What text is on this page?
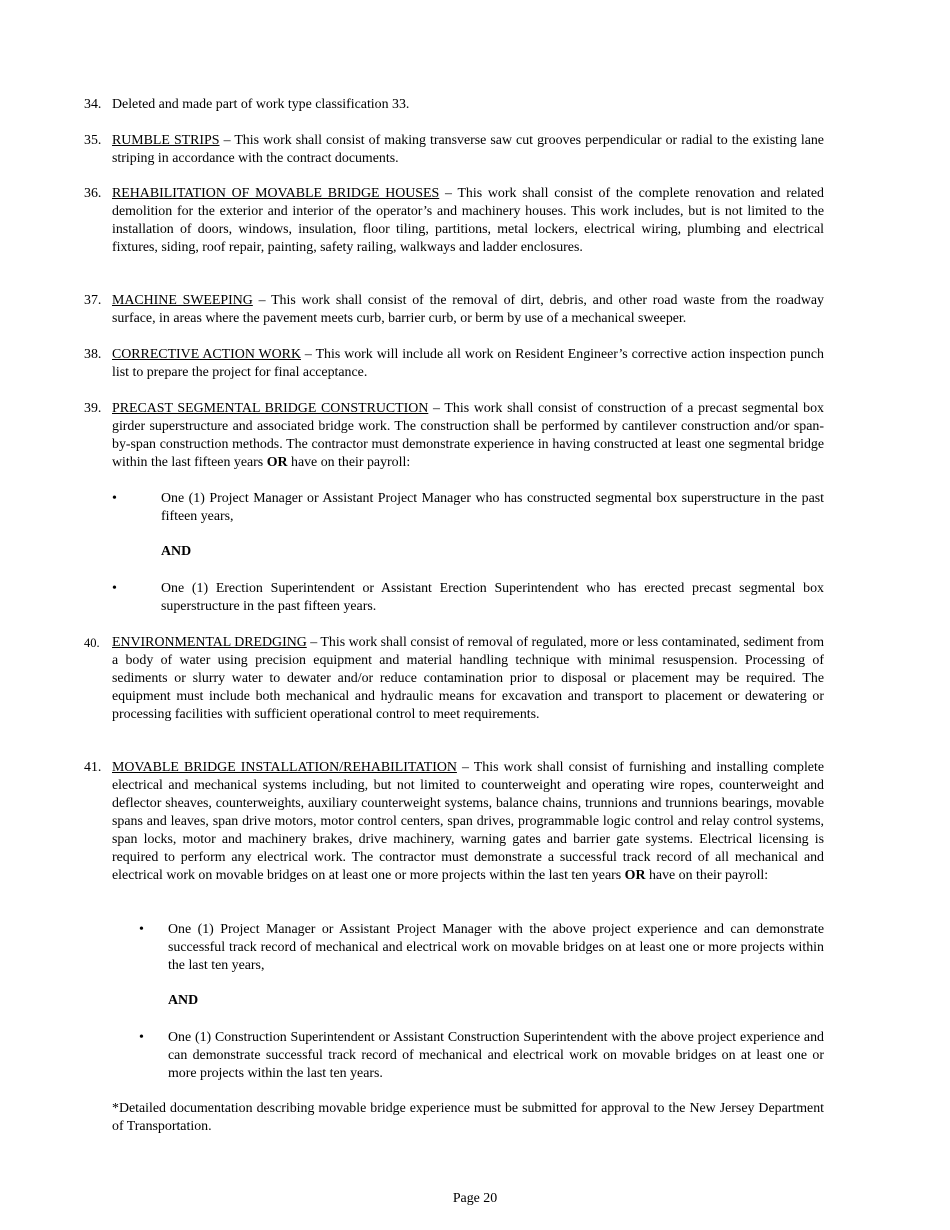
34. Deleted and made part of work type classification 33.
35. RUMBLE STRIPS – This work shall consist of making transverse saw cut grooves perpendicular or radial to the existing lane striping in accordance with the contract documents.
36. REHABILITATION OF MOVABLE BRIDGE HOUSES – This work shall consist of the complete renovation and related demolition for the exterior and interior of the operator’s and machinery houses. This work includes, but is not limited to the installation of doors, windows, insulation, floor tiling, partitions, metal lockers, electrical wiring, plumbing and electrical fixtures, siding, roof repair, painting, safety railing, walkways and ladder enclosures.
37. MACHINE SWEEPING – This work shall consist of the removal of dirt, debris, and other road waste from the roadway surface, in areas where the pavement meets curb, barrier curb, or berm by use of a mechanical sweeper.
38. CORRECTIVE ACTION WORK – This work will include all work on Resident Engineer’s corrective action inspection punch list to prepare the project for final acceptance.
39. PRECAST SEGMENTAL BRIDGE CONSTRUCTION – This work shall consist of construction of a precast segmental box girder superstructure and associated bridge work. The construction shall be performed by cantilever construction and/or span-by-span construction methods. The contractor must demonstrate experience in having constructed at least one segmental bridge within the last fifteen years OR have on their payroll:
•	One (1) Project Manager or Assistant Project Manager who has constructed segmental box superstructure in the past fifteen years,
AND
•	One (1) Erection Superintendent or Assistant Erection Superintendent who has erected precast segmental box superstructure in the past fifteen years.
40. ENVIRONMENTAL DREDGING – This work shall consist of removal of regulated, more or less contaminated, sediment from a body of water using precision equipment and material handling technique with minimal resuspension. Processing of sediments or slurry water to dewater and/or reduce contamination prior to disposal or placement may be required. The equipment must include both mechanical and hydraulic means for excavation and transport to placement or dewatering or processing facilities with sufficient operational control to meet requirements.
41. MOVABLE BRIDGE INSTALLATION/REHABILITATION – This work shall consist of furnishing and installing complete electrical and mechanical systems including, but not limited to counterweight and operating wire ropes, counterweight and deflector sheaves, counterweights, auxiliary counterweight systems, balance chains, trunnions and trunnions bearings, movable spans and leaves, span drive motors, motor control centers, span drives, programmable logic control and relay control systems, span locks, motor and machinery brakes, drive machinery, warning gates and barrier gate systems. Electrical licensing is required to perform any electrical work. The contractor must demonstrate a successful track record of all mechanical and electrical work on movable bridges on at least one or more projects within the last ten years OR have on their payroll:
• One (1) Project Manager or Assistant Project Manager with the above project experience and can demonstrate successful track record of mechanical and electrical work on movable bridges on at least one or more projects within the last ten years,
AND
• One (1) Construction Superintendent or Assistant Construction Superintendent with the above project experience and can demonstrate successful track record of mechanical and electrical work on movable bridges on at least one or more projects within the last ten years.
*Detailed documentation describing movable bridge experience must be submitted for approval to the New Jersey Department of Transportation.
Page 20
